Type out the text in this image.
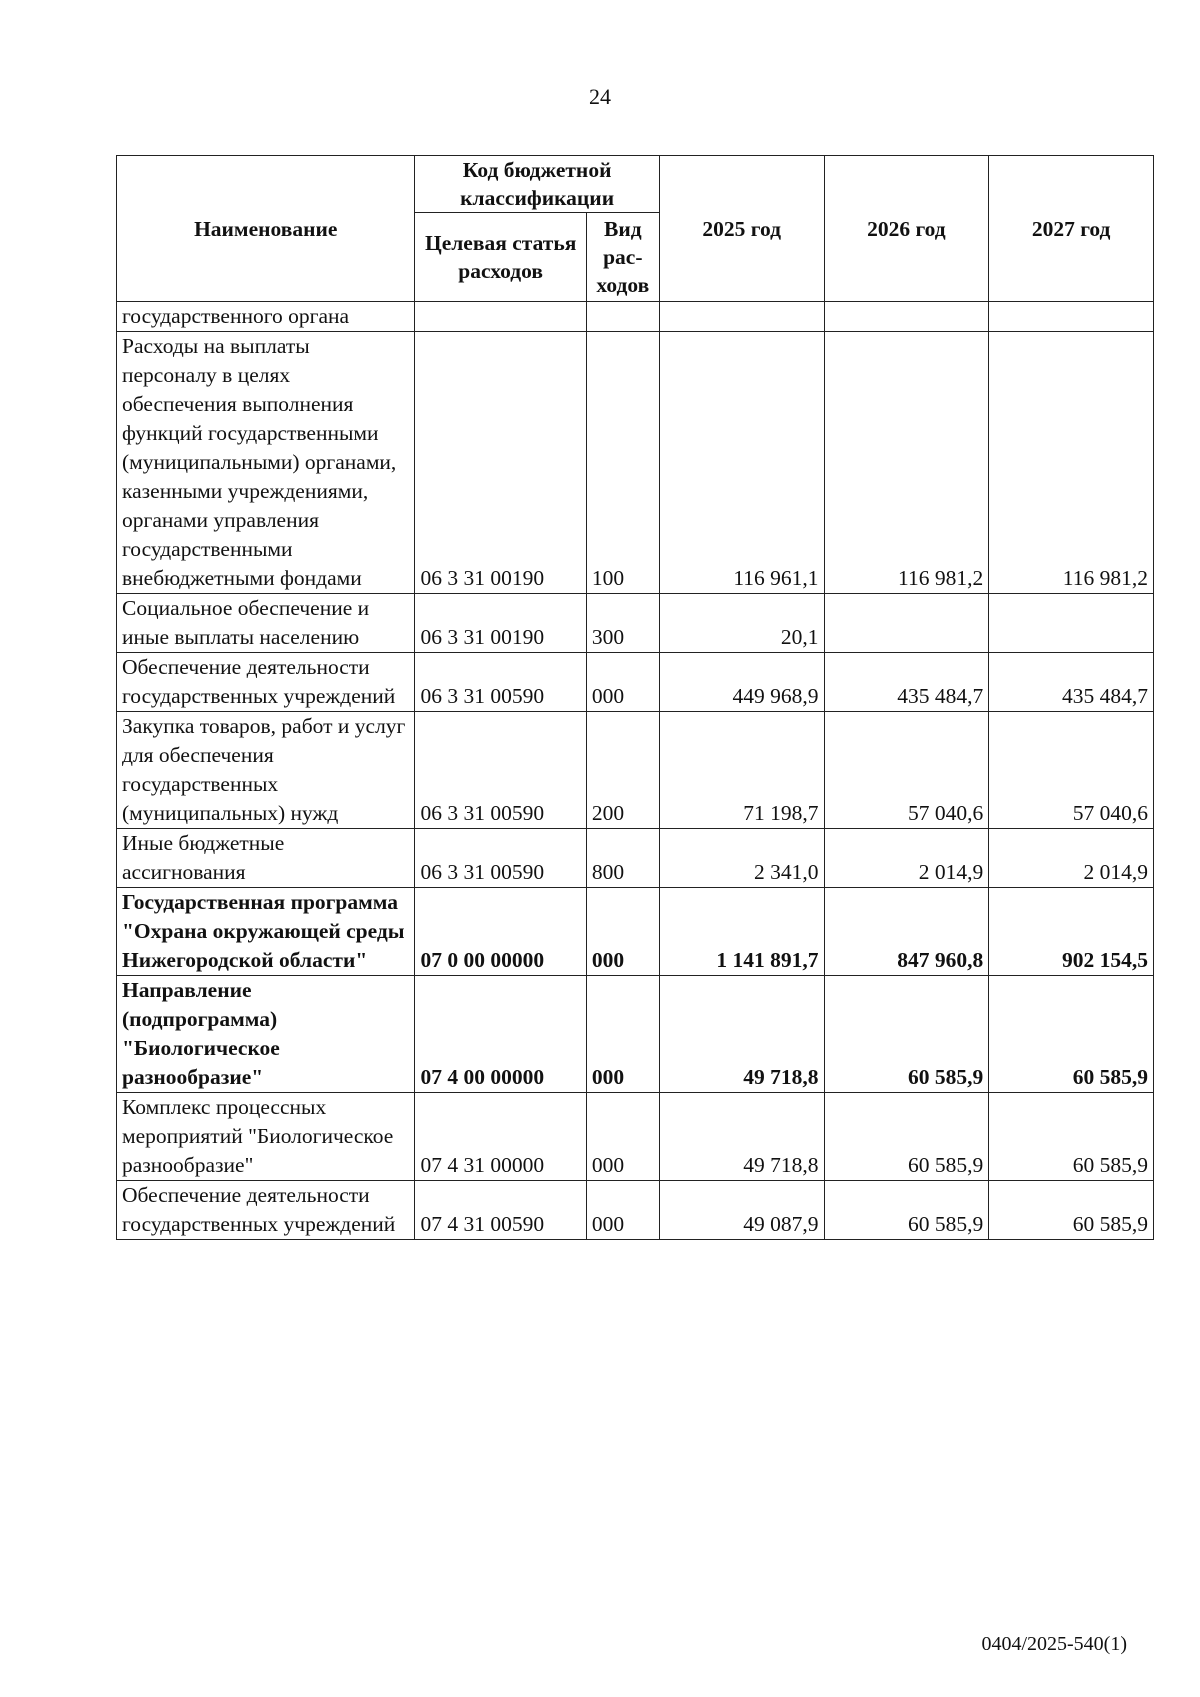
24
Наименование	Код бюджетной классификации		2025 год	2026 год	2027 год
	Целевая статья расходов	Вид рас- ходов			
государственного органа					
Расходы на выплаты персоналу в целях обеспечения выполнения функций государственными (муниципальными) органами, казенными учреждениями, органами управления государственными внебюджетными фондами	06 3 31 00190	100	116 961,1	116 981,2	116 981,2
Социальное обеспечение и иные выплаты населению	06 3 31 00190	300	20,1		
Обеспечение деятельности государственных учреждений	06 3 31 00590	000	449 968,9	435 484,7	435 484,7
Закупка товаров, работ и услуг для обеспечения государственных (муниципальных) нужд	06 3 31 00590	200	71 198,7	57 040,6	57 040,6
Иные бюджетные ассигнования	06 3 31 00590	800	2 341,0	2 014,9	2 014,9
Государственная программа "Охрана окружающей среды Нижегородской области"	07 0 00 00000	000	1 141 891,7	847 960,8	902 154,5
Направление (подпрограмма) "Биологическое разнообразие"	07 4 00 00000	000	49 718,8	60 585,9	60 585,9
Комплекс процессных мероприятий "Биологическое разнообразие"	07 4 31 00000	000	49 718,8	60 585,9	60 585,9
Обеспечение деятельности государственных учреждений	07 4 31 00590	000	49 087,9	60 585,9	60 585,9
0404/2025-540(1)
